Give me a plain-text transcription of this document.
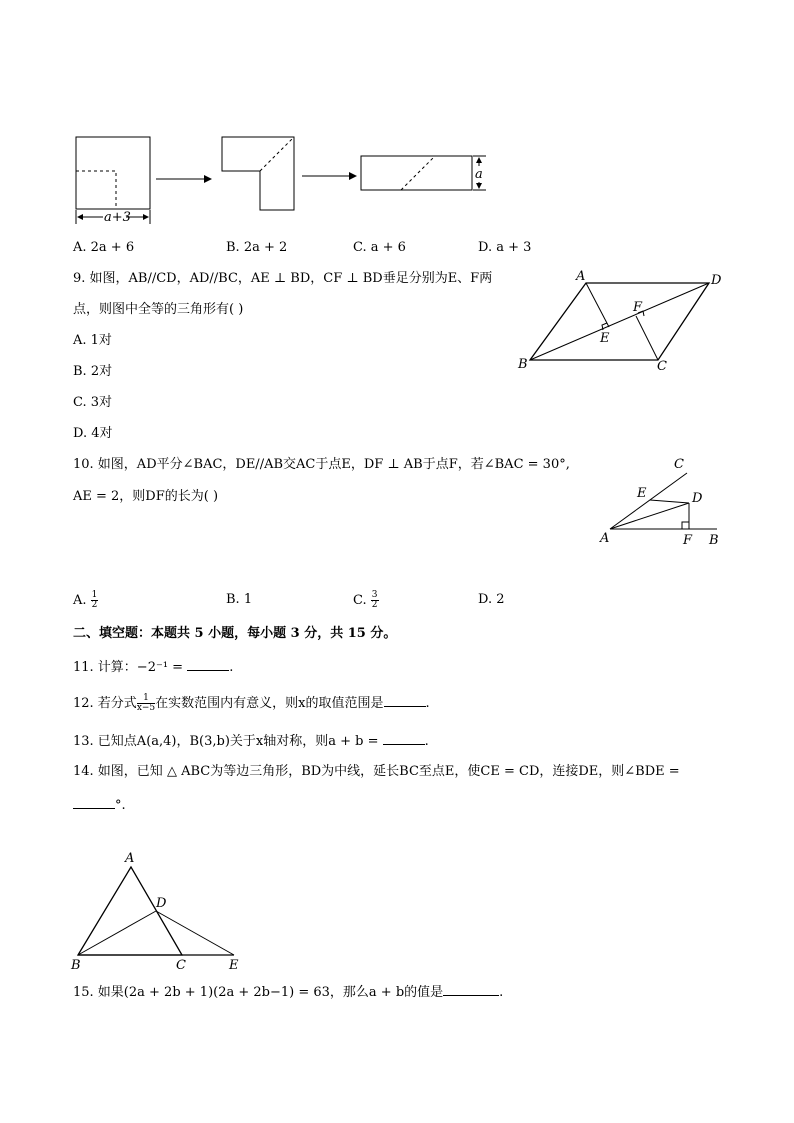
a+3
a
A. 2a + 6	B. 2a + 2	C. a + 6	D. a + 3
9. 如图，AB//CD，AD//BC，AE ⊥ BD，CF ⊥ BD垂足分别为E、F两
点，则图中全等的三角形有( )
A. 1对
B. 2对
C. 3对
D. 4对
A	D
F
E
B	C
10. 如图，AD平分∠BAC，DE//AB交AC于点E，DF ⊥ AB于点F，若∠BAC = 30°,
AE = 2，则DF的长为( )
C
E	D
A	F B
A. $\frac{1}{2}$	B. 1	C. $\frac{3}{2}$	D. 2
二、填空题：本题共 5 小题，每小题 3 分，共 15 分。
11. 计算：−2⁻¹ =	.
12. 若分式 $\frac{1}{x-5}$ 在实数范围内有意义，则x的取值范围是	.
13. 已知点A(a,4)，B(3,b)关于x轴对称，则a + b =	.
14. 如图，已知 △ ABC为等边三角形，BD为中线，延长BC至点E，使CE = CD，连接DE，则∠BDE =
°.
A
D
B	C	E
15. 如果(2a + 2b + 1)(2a + 2b−1) = 63，那么a + b的值是	.
